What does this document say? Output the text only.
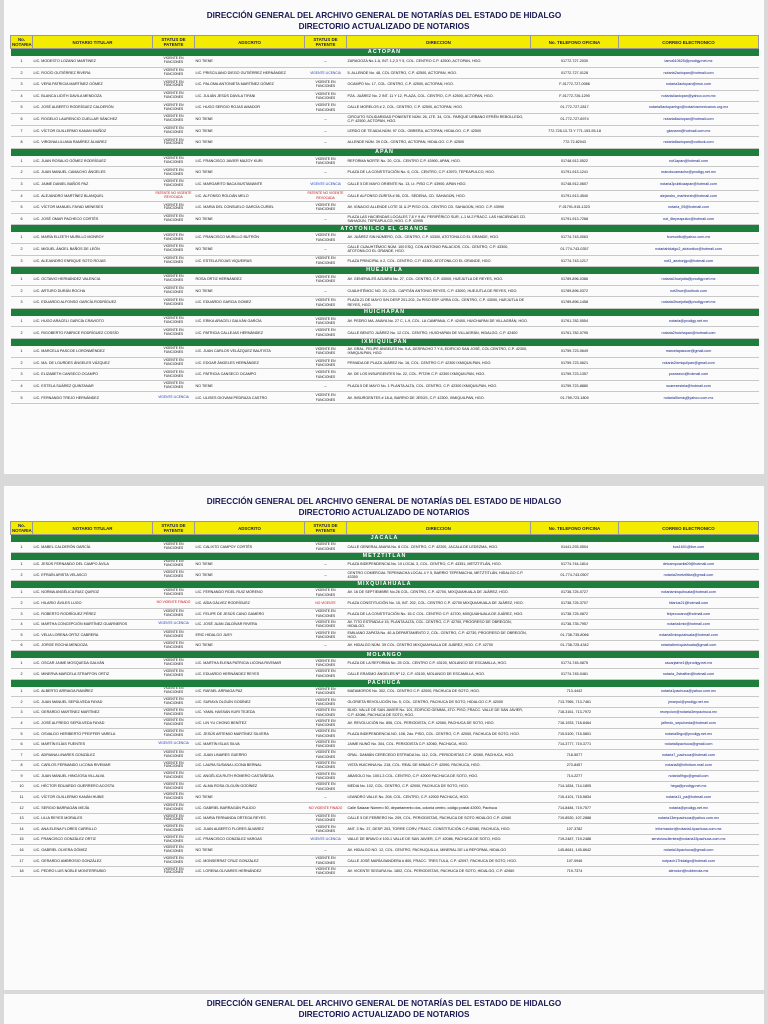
DIRECCIÓN GENERAL DEL ARCHIVO GENERAL DE NOTARÍAS DEL ESTADO DE HIDALGO
DIRECTORIO ACTUALIZADO DE NOTARIOS
No. NOTARIA	NOTARIO TITULAR	STATUS DE PATENTE	ADSCRITO	STATUS DE PATENTE	DIRECCION	No. TELEFONO OFICINA	CORREO ELECTRONICO
ACTOPAN							
1	LIC. MODESTO LOZANO MARTINEZ	VIGENTE EN FUNCIONES	NO TIENE	---	ZARAGOZA No.1-A, INT. 1,2,3 Y 5, COL. CENTRO C.P. 42500, ACTOPAN, HGO.	01772-727-2030	lamo610625@prodigy.net.mx
2	LIC. ROCÍO GUTIÉRREZ RIVERA	VIGENTE EN FUNCIONES	LIC. PRISCILIANO DIEGO GUTIÉRREZ HERNÁNDEZ	VIGENTE LICENCIA	5. ALLENDE No. 48, COL CENTRO, C.P. 42500, ACTOPAN, HGO.	01772-727-0128	notaria2actopan@hotmail.com
3	LIC. VERA PATRICIA MARTÍNEZ GÓMEZ	VIGENTE EN FUNCIONES	LIC. PALOMA ANTONIETA MARTÍNEZ GÓMEZ	VIGENTE EN FUNCIONES	OCAMPO No. 17, COL. CENTRO, C.P. 42500, ACTOPAN, HGO.	F-01772-727-0086	notaria3actopan@msn.com
4	LIC. BLANCA LIDITH DAVILA MENDOZA	VIGENTE EN FUNCIONES	LIC. JULIÁN JESÚS DÁVILA TIFANI	VIGENTE EN FUNCIONES	PZA. JUÁREZ No. 2 INT. 11 Y 12, PLAZA, COL. CENTRO, C.P. 42500, ACTOPAN, HGO.	F-01772-726-1290	notaria4actopan@yahoo.com.mx
5	LIC. JOSÉ ALBERTO RODRÍGUEZ CALDERÓN	VIGENTE EN FUNCIONES	LIC. HUGO SERGIO ROJAS AMADOR	VIGENTE EN FUNCIONES	CALLE MORELOS # 2, COL. CENTRO, C.P. 42500, ACTOPAN, HGO.	01-772-727-2817	notaria5actopanhgo@notariosmexicanos.org.mx
6	LIC. ROGELIO LAURENCIO CUELLAR SÁNCHEZ	VIGENTE EN FUNCIONES	NO TIENE	---	CIRCUITO SOLIDARIDAD PONIENTE NÚM. 26, LTE. 34, COL. PARQUE URBANO EFRÉN REBOLLEDO, C.P. 42500, ACTOPAN, HGO.	01-772-727-6974	notaria6actopan@hotmail.com
7	LIC. VÍCTOR GUILLERMO KANAN MUÑOZ	VIGENTE EN FUNCIONES	NO TIENE	---	LERDO DE TEJADA NÚM. 97 COL. OBRERA, ACTOPAN, HIDALGO. C.P. 42500	772-728-13-73 Y 771-153-95-18	gkanann@hotmail.com.mx
8	LIC. VIRGINIA LILIANA RAMÍREZ ÁLVAREZ	VIGENTE EN FUNCIONES	NO TIENE	---	ALLENDE NÚM. 39 COL. CENTRO, ACTOPAN, HIDALGO. C.P. 42500	772-72-82043	notaria8actopan@outlook.com
APAN							
1	LIC. JUAN ROSALIO GÓMEZ RODRÍGUEZ	VIGENTE EN FUNCIONES	LIC. FRANCISCO JAVIER MAZOY KURI	VIGENTE EN FUNCIONES	REFORMA NORTE No. 20, COL. CENTRO C.P. 43900, APAN, HGO.	01748-912-0522	not1apan@hotmail.com
2	LIC. JUAN MANUEL CAMACHO ÁNGELES	VIGENTE EN FUNCIONES	NO TIENE	---	PLAZA DE LA CONSTITUCIÓN No. 6, COL. CENTRO, C.P. 43970, TEPEAPULCO, HGO.	01791-913-1241	manolocamacho@prodigy.net.mx
3	LIC. JAIME DANIEL BAÑOS PAZ	VIGENTE EN FUNCIONES	LIC. MARGARITO BACA BUSTAMANTE	VIGENTE LICENCIA	CALLE 5 DE MAYO ORIENTE No. 13, Lt. PISO C.P. 43900, APAN HGO.	01748-912-0607	notaria3publicaapan@hotmail.com
4	LIC. ALEJANDRO MARTÍNEZ BLANQUEL	PATENTE NO VIGENTE REVOCADA	LIC. ALFONSO ROLDÁN MELO	PATENTE NO VIGENTE REVOCADA	CALLE ALFONSO ZURITA # 56, COL. SEDENA, CD. SAHAGÚN, HGO.	01791-913-4540	alejandro_martinezb@hotmail.com
5	LIC. VÍCTOR MANUEL FAYAD MENESES	VIGENTE EN FUNCIONES	LIC. MARIA DEL CONSUELO GARCÍA CURIEL	VIGENTE EN FUNCIONES	AV. IGNACIO ALLENDE LOTE 31 & 2ª PISO COL. CENTRO CD. SAHAGÚN, HGO. C.P. 43990	F-01791-915-1323	notaria_05@hotmail.com
6	LIC. JOSÉ OMAR PACHECO CORTÉS	VIGENTE EN FUNCIONES	NO TIENE	---	PLAZA LAS HACIENDAS LOCALES 7,8 Y 9 AV. PERIFÉRICO SUR, L-1 M-2 FRACC. LAS HACIENDAS CD. SAHAGÚN, TEPEAPULCO, HGO. C.P. 43995	01791-913-7268	not_6tepeapulco@hotmail.com
ATOTONILCO EL GRANDE							
1	LIC. MARÍA ELIZETH MURILLO MONROY	VIGENTE EN FUNCIONES	LIC. FRANCISCO MURILLO BUTRÓN	VIGENTE EN FUNCIONES	AV. JUÁREZ SIN NÚMERO, COL. CENTRO, C.P. 43300, ATOTONILCO EL GRANDE, HGO.	01774-743-0063	fcomurillo@yahoo.com.mx
2	LIC. MIGUEL ÁNGEL BAÑOS DE LEÓN	VIGENTE EN FUNCIONES	NO TIENE	---	CALLE CUAUHTÉMOC NÚM. 100 ESQ. CON ANTONIO PALACIOS, COL. CENTRO, C.P. 43300, ATOTONILCO EL GRANDE, HGO.	01-774-743-0357	notariahidalgo2_atotonilco@hotmail.com
3	LIC. ALEJANDRO ENRIQUE SOTO ROJAS	VIGENTE EN FUNCIONES	LIC. ESTELA ROJAS VIQUEIRAS	VIGENTE EN FUNCIONES	PLAZA PRINCIPAL # 2, COL. CENTRO, C.P. 43300, ATOTONILCO EL GRANDE, HGO.	01774-743-1217	not3_aeotonjgo@hotmail.com
HUEJUTLA							
1	LIC. OCTAVIO HERNÁNDEZ VALENCIA	VIGENTE EN FUNCIONES	ROSA ORTIZ HERNÁNDEZ	VIGENTE EN FUNCIONES	AV. GENERALES AZUARA No. 27, COL. CENTRO, C.P. 43000, HUEJUTLA DE REYES, HGO.	01789-896-0386	notaria1huejutla@prodigy.net.mx
2	LIC. ARTURO DURÁN ROCHA	VIGENTE EN FUNCIONES	NO TIENE	---	CUAUHTÉMOC NO. 20, COL. CAPITÁN ANTONIO REYES, C.P. 43000, HUEJUTLA DE REYES, HGO.	01789-896-0372	not2hue@outlook.com
3	LIC. EDUARDO ALFONSO GARCÍA RODRÍGUEZ	VIGENTE EN FUNCIONES	LIC. EDUARDO GARCIA GOMEZ	VIGENTE EN FUNCIONES	PLAZA 21 DE MAYO S/N DESP 201-202, 2o PISO ESP. URRA COL. CENTRO, C.P. 43000, HUEJUTLA DE REYES, HGO.	01789-896-1458	notaria3huejutla@prodigy.net.mx
HUICHAPAN							
1	LIC. HUGO ARACELI GARCÍA CRAVIOTO	VIGENTE EN FUNCIONES	LIC. ERIKA ARACELI GALVÁN GARCÍA	VIGENTE EN FUNCIONES	AV. PEDRO MA. ANAYA No. 27 C, L-9, COL. LA CAMPANA, C.P. 42400, HUICHAPAN DE VILLAGRÁN, HGO.	01761-782-0554	notaria@prodigy.net.mx
2	LIC. RIGOBERTO FABRICE RODRÍGUEZ COSSÍO	VIGENTE EN FUNCIONES	LIC. PATRICIA CALLEJAS HERNÁNDEZ	VIGENTE EN FUNCIONES	CALLE BENITO JUÁREZ No. 12 COL. CENTRO, HUICHAPAN DE VILLAGRÁN, HIDALGO, C.P. 42400	01761-782-0795	notaria2huichapan@hotmail.com
IXMIQUILPAN							
1	LIC. MARCELA PASCOE LORONMÉNDEZ	VIGENTE EN FUNCIONES	LIC. JUAN CARLOS VELÁZQUEZ BAUTISTA	VIGENTE EN FUNCIONES	AV. GRAL. FELIPE ÁNGELES No. 9-A, DESPACHO 7 Y 8, EDIFICIO SAN JOSÉ, COL CENTRO, C.P. 42300, IXMIQUILPAN, HGO.	01759-723-0649	marcelapascoe@gmail.com
2	LIC. MA. DE LOURDES ÁNGELES VÁZQUEZ	VIGENTE EN FUNCIONES	LIC. EDGAR ÁNGELES HERNÁNDEZ	VIGENTE EN FUNCIONES	PRIVADA DE PLAZA JUÁREZ No. 16, COL. CENTRO C.P. 42300 IXMIQUILPAN, HGO.	01759-723-0621	notaria2ixmiquilpan@gmail.com
3	LIC. ELIZABETH CANSECO OCAMPO	VIGENTE EN FUNCIONES	LIC. PATRICIA CANSECO OCAMPO	VIGENTE EN FUNCIONES	AV. DE LOS INSURGENTES No. 22, COL. PITZHI C.P. 42300 IXMIQUILPAN, HGO.	01759-723-1357	pcanseco@hotmail.com
4	LIC. ESTELA SUÁREZ QUINTANAR	VIGENTE EN FUNCIONES	NO TIENE	---	PLAZA 5 DE MAYO No. 1 PLANTA ALTA, COL. CENTRO, C.P. 42300 IXMIQUILPAN, HGO.	01759-723-8880	suarezestela@hotmail.com
5	LIC. FERNANDO TREJO HERNÁNDEZ	VIGENTE LICENCIA	LIC. ULISES GIOVANI PEDRAZA CASTRO	VIGENTE EN FUNCIONES	AV. INSURGENTES # 18-A, BARRIO DE JESÚS, C.P. 42300, IXMIQUILPAN, HGO.	01-759-723-1809	notaria5ixmiq@yahoo.com.mx
DIRECCIÓN GENERAL DEL ARCHIVO GENERAL DE NOTARÍAS DEL ESTADO DE HIDALGO
DIRECTORIO ACTUALIZADO DE NOTARIOS
No. NOTARIA	NOTARIO TITULAR	STATUS DE PATENTE	ADSCRITO	STATUS DE PATENTE	DIRECCION	No. TELEFONO OFICINA	CORREO ELECTRONICO
JACALA							
1	LIC. MABEL CALDERÓN GARCÍA	VIGENTE EN FUNCIONES	LIC. CALIXTO CAMPOY CORTÉS	VIGENTE EN FUNCIONES	CALLE GENERAL ANAYA No. 8 COL. CENTRO, C.P. 42200, JACALA DE LEDEZMA, HGO.	01441-293-0504	bus1601@live.com
METZTITLAN							
1	LIC. JESÚS FERNANDO DEL CAMPO ÁVILA	VIGENTE EN FUNCIONES	NO TIENE	---	PLAZA INDEPENDENCIA No. 10 LOCAL 3, COL. CENTRO, C.P. 43351, METZTITLÁN, HGO.	01774-744-1814	delcampoavila09@hotmail.com
2	LIC. EFRAÍN ARISTA VELASCO	VIGENTE EN FUNCIONES	NO TIENE	---	CENTRO COMERCIAL TEPEMACHA LOCAL 4 Y 5, BARRIO TEPEMACHA, METZTITLÁN, HIDALGO C.P. 43350	01-774-743-0507	notaria2metztitlan@gmail.com
MIXQUIAHUALA							
1	LIC. NORMA ANGÉLICA RUIZ QUIROZ	VIGENTE EN FUNCIONES	LIC. FERNANDO FIDEL RUIZ MORENO	VIGENTE EN FUNCIONES	AV. 16 DE SEPTIEMBRE No.26 COL. CENTRO, C.P. 42700, MIXQUIAHUALA DE JUÁREZ, HGO.	01738-725-0727	notariamixquihuala@hotmail.com
2	LIC. HILARIO ÁVILES LUGO	NO VIGENTE FINADO	LIC. AÍDA GÁLVEZ RODRÍGUEZ	NO VIGENTE	PLAZA CONSTITUCIÓN No. 15, INT. 202, COL. CENTRO C.P. 42700 MIXQUIAHUALA DE JUÁREZ, HGO.	01738-725-3707	hilarius21@hotmail.com
3	LIC. ROBERTO RODRÍGUEZ PÉREZ	VIGENTE EN FUNCIONES	LIC. FELIPE DE JESÚS CANO GAMERO	VIGENTE EN FUNCIONES	PLAZA DE LA CONSTITUCIÓN No. 15-C COL. CENTRO C.P. 42700, MIXQUIAHUALA DE JUÁREZ, HGO.	01738-725-0872	felpecocano@hotmail.com
4	LIC. MARTHA CONCEPCIÓN MARTÍNEZ GUARNEROS	VIGENTE LICENCIA	LIC. JOSÉ JUAN ZALDÍVAR RIVERA	VIGENTE EN FUNCIONES	AV. TITO ESTRADA # 15, PLANTA ALTA, COL. CENTRO, C.P. 42700, PROGRESO DE OBREGÓN, HIDALGO.	01738-735-7957	notaria4mix@hotmail.com
5	LIC. VELIA LORENA ORTIZ CABRERA	VIGENTE EN FUNCIONES	ERIC HIDALGO JUEY	VIGENTE EN FUNCIONES	EMILIANO ZAPATA No. 40-A DEPARTAMENTO 2, COL. CENTRO, C.P. 42730, PROGRESO DE OBREGÓN, HGO.	01-738-735-8066	notaria5mixquiahuala@hotmail.com
6	LIC. JORGE ROCHA MENDOZA	VIGENTE EN FUNCIONES	NO TIENE	---	AV. HIDALGO NÚM. 39 COL. CENTRO MIXQUIAHUALA DE JUÁREZ, HGO. C.P. 42700	01-738-725-4342	notaria6mixquiahuala@gmail.com
MOLANGO							
1	LIC. OSCAR JAIME MOSQUEDA GALVÁN	VIGENTE EN FUNCIONES	LIC. MARTHA ELENA PATRICIA LICONA RIVEMAR	VIGENTE EN FUNCIONES	PLAZA DE LA REFORMA No. 25 COL. CENTRO C.P. 43100, MOLANGO DE ESCAMILLA, HGO.	01774-745-0875	oscarjaime1@prodigy.net.mx
2	LIC. MINERVA MARCELA STRAFFON ORTIZ	VIGENTE EN FUNCIONES	LIC. EDUARDO HERNÁNDEZ REYES	VIGENTE EN FUNCIONES	CALLE ERASMO ÁNGELES Nº 12, C.P. 43100, MOLANGO DE ESCAMILLA, HGO.	01774-745-0481	notaria_2straffon@hotmail.com
PACHUCA							
1	LIC. ALBERTO ARRIAGA RAMÍREZ	VIGENTE EN FUNCIONES	LIC. RAFAEL ARRIAGA PAZ	VIGENTE EN FUNCIONES	MATAMOROS No. 302, COL. CENTRO C.P. 42000, PACHUCA DE SOTO, HGO.	713-4442	notaria1pachuca@yahoo.com.mx
2	LIC. JUAN MANUEL SEPÚLVEDA FAYAD	VIGENTE EN FUNCIONES	LIC. SURAYA OLGUÍN GODÍNEZ	VIGENTE EN FUNCIONES	GLORIETA REVOLUCIÓN No. 5, COL. CENTRO, PACHUCA DE SOTO, HIDALGO C.P. 42000	713-7965, 713-7461	jmsepul@prodigy.net.mx
3	LIC. GERARDO MARTÍNEZ MARTÍNEZ	VIGENTE EN FUNCIONES	LIC. YAMIL HASSAN KURI TEJEDA	VIGENTE EN FUNCIONES	BLVD. VALLE DE SAN JAVIER No. 101, EDIFICIO GEMMA, 4TO. PISO, FRACC. VALLE DE SAN JAVIER, C.P. 42086, PACHUCA DE SOTO, HGO.	718-3161, 713-7972	recepcion@notaria3enpachuca.mx
4	LIC. JOSÉ ALFREDO SEPÚLVEDA FAYAD	VIGENTE EN FUNCIONES	LIC. LIN YU CHONG BENÍTEZ	VIGENTE EN FUNCIONES	AV. REVOLUCIÓN No. 806, COL. PERIODISTA, C.P. 42060, PACHUCA DE SOTO, HGO.	718-1933, 718-8464	jalfredo_sepulveda@hotmail.com
5	LIC. OSVALDO HERIBERTO PFEIFFER VARELA	VIGENTE EN FUNCIONES	LIC. JESÚS ARTEMIO MARTÍNEZ SILVERA	VIGENTE EN FUNCIONES	PLAZA INDEPENDENCIA NO. 108, 2do. PISO, COL. CENTRO, C.P. 42000, PACHUCA DE SOTO, HGO.	715-5100, 715-5801	notaria5hgo@prodigy.net.mx
6	LIC. MARTÍN ELÍAS FUENTES	VIGENTE LICENCIA	LIC. MARTÍN ISLAS SILVA	VIGENTE EN FUNCIONES	JAIME NUNÓ No. 304, COL. PERIODISTA C.P. 42060, PACHUCA, HGO.	714-3777, 719-3771	notaria6pachuca@gmail.com
7	LIC. ADRIANA LINARES GONZÁLEZ	VIGENTE EN FUNCIONES	LIC. JUAN LINARES GUERRO	VIGENTE EN FUNCIONES	GRAL. DAMIÁN CERECEDO ESTRADA No. 112, COL. PERIODISTAS C.P. 42060, PACHUCA, HGO.	718-5077	notaria7_pachuca@hotmail.com
8	LIC. CARLOS FERNANDO LICONA RIVEMAR	VIGENTE EN FUNCIONES	LIC. LAURA SUSANA LICONA BERNAL	VIGENTE EN FUNCIONES	VISTA HUICHINA No. 218, COL. REAL DE MINAS C.P. 42090, PACHUCA, HGO.	273-8457	notaria8@infinitum.mail.com
9	LIC. JUAN MANUEL HINOJOSA VILLALVA	VIGENTE EN FUNCIONES	LIC. ANGÉLICA RUTH ROMERO CASTAÑEDA	VIGENTE EN FUNCIONES	ABASOLO No. 1001-3 COL. CENTRO, C.P. 42000 PACHUCA DE SOTO, HGO.	714-2277	notaria9hgo@gmail.com
10	LIC. HÉCTOR EDUARDO GUERRERO ACOSTA	VIGENTE EN FUNCIONES	LIC. ALMA ROSA OLGUÍN GODÍNEZ	VIGENTE EN FUNCIONES	MEDIA No. 102, COL. CENTRO, C.P. 42000, PACHUCA DE SOTO, HGO.	714-1834, 714-1805	hega@prodigy.net.mx
11	LIC. VÍCTOR GUILLERMO KANÁN HUBIE	VIGENTE EN FUNCIONES	NO TIENE	---	LEANDRO VALLE No. 208, COL. CENTRO, C.P. 42000 PACHUCA, HGO.	715-4101, 715-5834	notaria11_pa@hotmail.com
12	LIC. SERGIO BARRAGÁN MEJÍA	VIGENTE EN FUNCIONES	LIC. GABRIEL BARRAGÁN PULIDO	NO VIGENTE FINADO	Calle Salazar Número 50, departamento dos, colonia centro, código postal 42000, Pachuca	714-8484, 719-7577	notaria@prodigy.net.mx
13	LIC. LILIA REYES MORALES	VIGENTE EN FUNCIONES	LIC. MARIA FERNANDA ORTEGA REYES	VIGENTE EN FUNCIONES	CALLE 5 DE FEBRERO No. 209, COL. PERIODISTAS, PACHUCA DE SOTO HIDALGO C.P. 42060	719-8530, 107-2888	notaria13enpachuca@yahoo.com.mx
14	LIC. ANA ELENA FLORES CARRILLO	VIGENTE EN FUNCIONES	LIC. JUAN ALBERTO FLORES ÁLVAREZ	VIGENTE EN FUNCIONES	ANT. 3 No. 37, DESP. 203, TORRE CORV, FRACC. CONSTITUCIÓN C.P.42080, PACHUCA, HGO.	107-3782	informacion@notaria14pachuca.com.mx
15	LIC. FRANCISCO GONZÁLEZ ORTIZ	VIGENTE EN FUNCIONES	LIC. FRANCISCO GONZÁLEZ VARGAS	VIGENTE LICENCIA	VALLE DE BRAVO # 100-1 VALLE DE SAN JAVIER, C.P. 42086, PACHUCA DE SOTO, HGO.	719-2487, 719-2488	serviciosclientes@notaria15pachuca.com.mx
16	LIC. GABRIEL OLVERA GÓMEZ	VIGENTE EN FUNCIONES	NO TIENE	---	AV. HIDALGO NO. 12, COL. CENTRO, PACHUQUILLA, MINERAL DE LA REFORMA, HIDALGO	145-8641, 145-8642	notaria16pachuca@gmail.com
17	LIC. GERARDO AMBROSIO GONZÁLEZ	VIGENTE EN FUNCIONES	LIC. MONSERRAT CRUZ GONZÁLEZ	VIGENTE EN FUNCIONES	CALLE JOSÉ MARÍA BANDERA # 800, FRACC. TRES TULA, C.P. 42097, PACHUCA DE SOTO, HGO.	107-0946	notpach17hidalgo@hotmail.com
18	LIC. PEDRO LUIS NOBLE MONTERRUBIO	VIGENTE EN FUNCIONES	LIC. LORENA OLIVARES HERNÁNDEZ	VIGENTE EN FUNCIONES	AV. VICENTE SEGURA No. 1802, COL. PERIODISTAS, PACHUCA DE SOTO, HIDALGO, C.P. 42060	719-7374	atencion@noblenota.mx
DIRECCIÓN GENERAL DEL ARCHIVO GENERAL DE NOTARÍAS DEL ESTADO DE HIDALGO
DIRECTORIO ACTUALIZADO DE NOTARIOS
